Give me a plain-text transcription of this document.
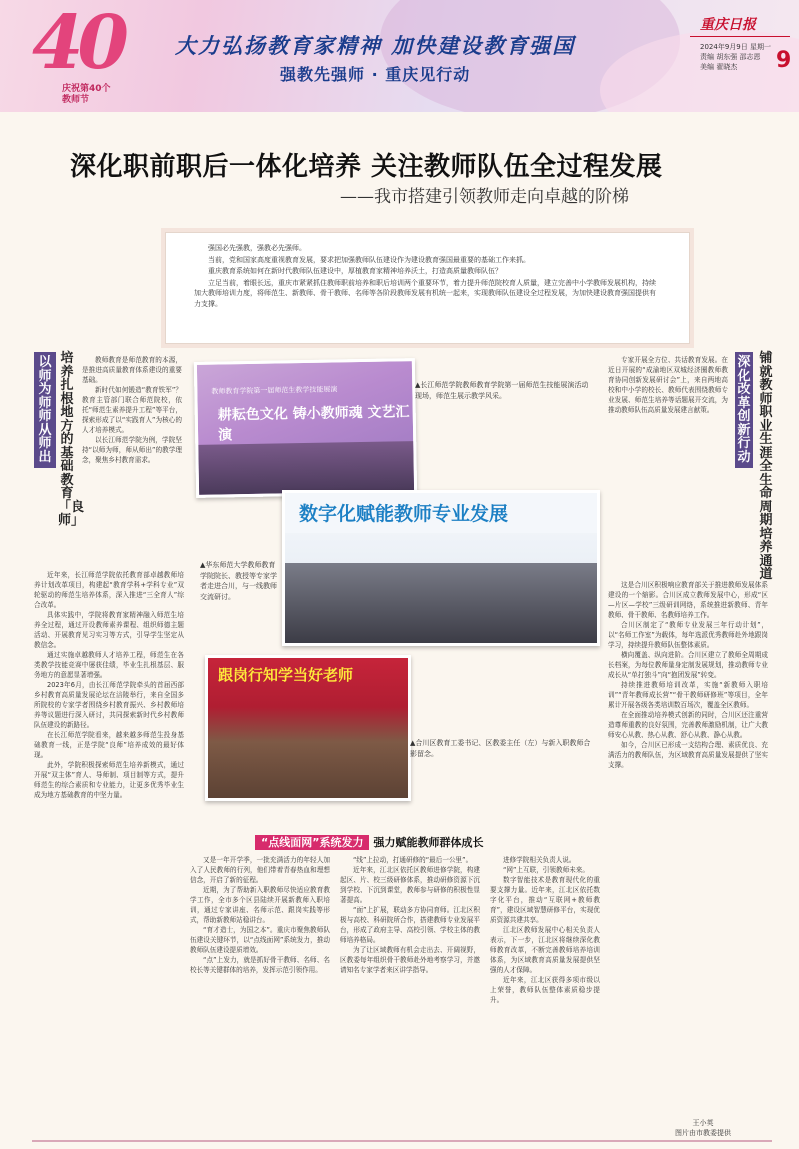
40
庆祝第40个
教师节
大力弘扬教育家精神 加快建设教育强国
强教先强师 · 重庆见行动
重庆日报
2024年9月9日 星期一
责编 胡东强 邵志恩
美编 翟晓杰	9
深化职前职后一体化培养 关注教师队伍全过程发展
——我市搭建引领教师走向卓越的阶梯

强国必先强教，强教必先强师。

当前，党和国家高度重视教育发展，要求把加强教师队伍建设作为建设教育强国最重要的基础工作来抓。

重庆教育系统如何在新时代教师队伍建设中，厚植教育家精神培养沃土，打造高质量教师队伍？

立足当前，着眼长远，重庆市紧紧抓住教师职前培养和职后培训两个重要环节，着力提升师范院校育人质量，建立完善中小学教师发展机构，持续加大教师培训力度，将师范生、新教师、骨干教师、名师等各阶段教师发展有机统一起来，实现教师队伍建设全过程发展，为加快建设教育强国提供有力支撑。

以师为师 师从师出
培养扎根地方的基础教育「良师」
深化改革 创新行动
铺就教师职业生涯全生命周期培养通道

教师教育是师范教育的本源，是推进高质量教育体系建设的重要基础。

新时代如何锻造“教育铁军”？教育主管部门联合师范院校，依托“师范生素养提升工程”等平台，探索形成了以“实践育人”为核心的人才培养模式。

以长江师范学院为例，学院坚持“以师为师，师从师出”的教学理念，聚焦乡村教育需求。

近年来，长江师范学院依托教育部卓越教师培养计划改革项目，构建起“教育学科+学科专业”双轮驱动的师范生培养体系，深入推进“三全育人”综合改革。

具体实践中，学院将教育家精神融入师范生培养全过程，通过开设教师素养课程、组织师德主题活动、开展教育见习实习等方式，引导学生坚定从教信念。

通过实施卓越教师人才培养工程，师范生在各类教学技能竞赛中屡获佳绩，毕业生扎根基层、服务地方的意愿显著增强。

2023年6月，由长江师范学院牵头的首届西部乡村教育高质量发展论坛在涪陵举行，来自全国多所院校的专家学者围绕乡村教育振兴、乡村教师培养等议题进行深入研讨，共同探索新时代乡村教师队伍建设的新路径。

在长江师范学院看来，越来越多师范生投身基础教育一线，正是学院“良师”培养成效的最好体现。

此外，学院积极探索师范生培养新模式，通过开展“双主体”育人、导师制、项目制等方式，提升师范生的综合素质和专业能力，让更多优秀毕业生成为地方基础教育的中坚力量。

专家开展全方位、共话教育发展。在近日开展的“成渝地区双城经济圈教师教育协同创新发展研讨会”上，来自两地高校和中小学的校长、教师代表围绕教师专业发展、师范生培养等话题展开交流，为推动教师队伍高质量发展建言献策。

这是合川区积极响应教育部关于推进教师发展体系建设的一个缩影。合川区成立教师发展中心，形成“区—片区—学校”三级研训网络，系统推进新教师、青年教师、骨干教师、名教师培养工作。

合川区制定了“教师专业发展三年行动计划”，以“名师工作室”为载体，每年选派优秀教师赴外地跟岗学习，持续提升教师队伍整体素质。

横向覆盖、纵向进阶。合川区建立了教师全周期成长档案，为每位教师量身定制发展规划，推动教师专业成长从“单打独斗”向“抱团发展”转变。

持续推进教师培训改革，实施“新教师入职培训”“青年教师成长营”“骨干教师研修班”等项目，全年累计开展各级各类培训数百场次，覆盖全区教师。

在全面推动培养模式创新的同时，合川区还注重营造尊师重教的良好氛围，完善教师激励机制，让广大教师安心从教、热心从教、舒心从教、静心从教。

如今，合川区已形成一支结构合理、素质优良、充满活力的教师队伍，为区域教育高质量发展提供了坚实支撑。

教师教育学院第一届师范生教学技能展演
耕耘色文化 铸小教师魂 文艺汇演
▲长江师范学院教师教育学院第一届师范生技能展演活动现场，师范生展示教学风采。
数字化赋能教师专业发展
▲华东师范大学教师教育学院院长、教授等专家学者走进合川，与一线教师交流研讨。
跟岗行知学当好老师
▲合川区教育工委书记、区教委主任（左）与新入职教师合影留念。
“点线面网”系统发力 强力赋能教师群体成长

又是一年开学季，一批充满活力的年轻人加入了人民教师的行列，他们带着青春热血和理想信念，开启了新的征程。

近期，为了帮助新入职教师尽快适应教育教学工作，全市多个区县陆续开展新教师入职培训，通过专家讲座、名师示范、跟岗实践等形式，帮助新教师站稳讲台。

“育才造士，为国之本”。重庆市聚焦教师队伍建设关键环节，以“点线面网”系统发力，推动教师队伍建设提质增效。

“点”上发力，就是抓好骨干教师、名师、名校长等关键群体的培养，发挥示范引领作用。

“线”上拉动，打通研修的“最后一公里”。

近年来，江北区依托区教师进修学院，构建起区、片、校三级研修体系，推动研修资源下沉到学校、下沉到课堂，教师参与研修的积极性显著提高。

“面”上扩展，联动多方协同育师。江北区积极与高校、科研院所合作，搭建教师专业发展平台，形成了政府主导、高校引领、学校主体的教师培养格局。

为了让区域教师有机会走出去、开阔视野，区教委每年组织骨干教师赴外地考察学习，并邀请知名专家学者来区讲学指导。

进修学院相关负责人说。

“网”上互联，引领教师未来。

数字智能技术是教育现代化的重要支撑力量。近年来，江北区依托数字化平台，推动“互联网+教师教育”，建设区域智慧研修平台，实现优质资源共建共享。

江北区教师发展中心相关负责人表示，下一步，江北区将继续深化教师教育改革，不断完善教师培养培训体系，为区域教育高质量发展提供坚强的人才保障。

近年来，江北区获得多项市级以上荣誉，教师队伍整体素质稳步提升。

王小英
图片由市教委提供
